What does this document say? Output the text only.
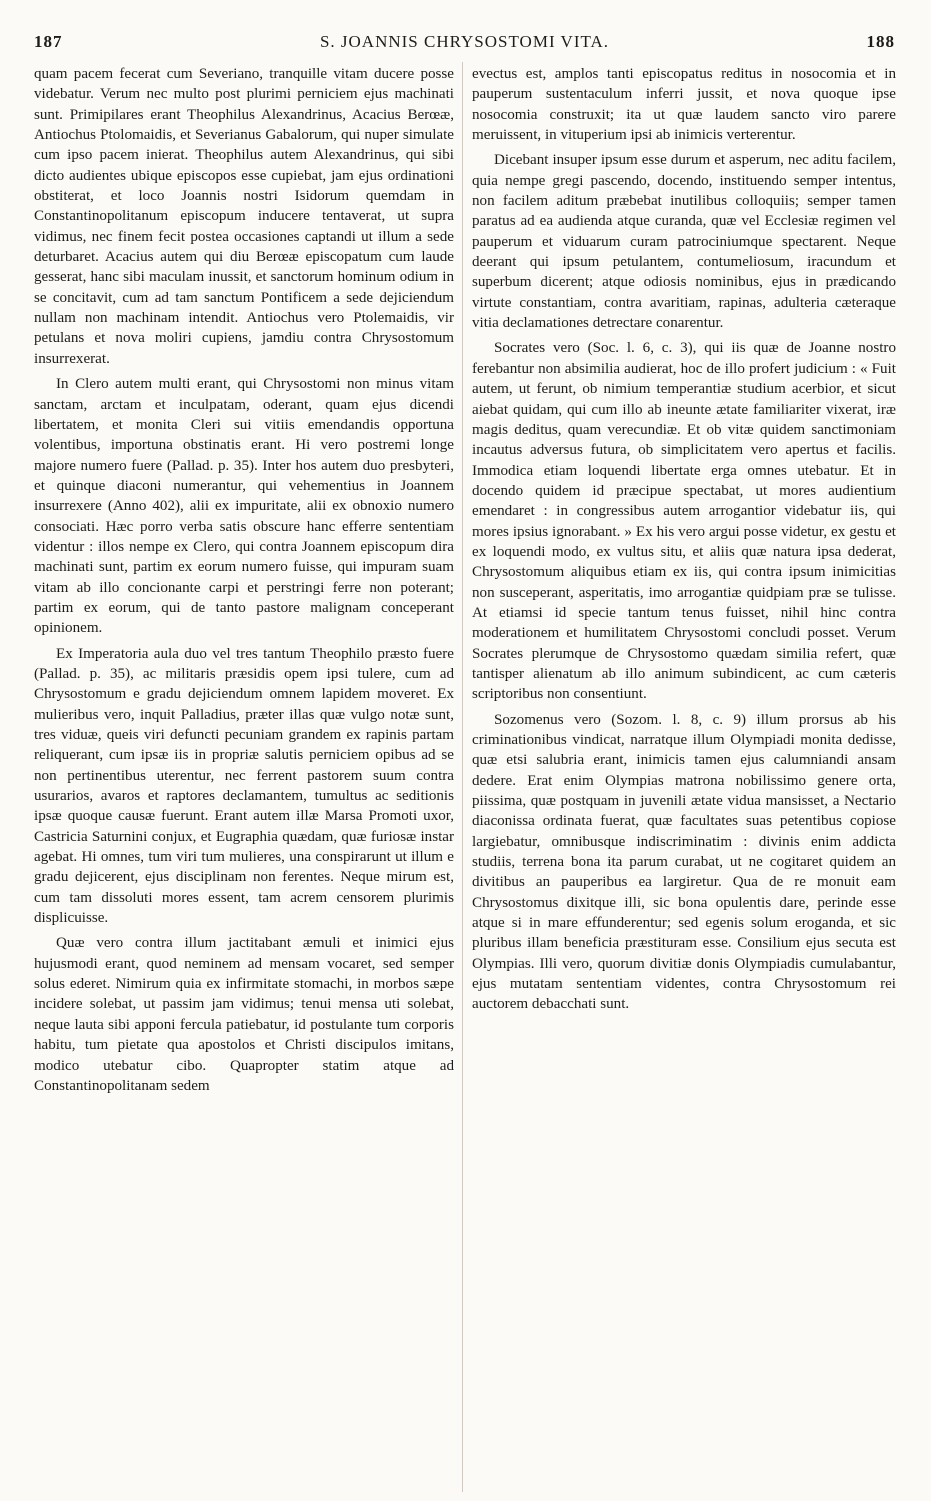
187	S. JOANNIS CHRYSOSTOMI VITA.	188

quam pacem fecerat cum Severiano, tranquille vitam ducere posse videbatur. Verum nec multo post plurimi perniciem ejus machinati sunt. Primipilares erant Theophilus Alexandrinus, Acacius Berœæ, Antiochus Ptolomaidis, et Severianus Gabalorum, qui nuper simulate cum ipso pacem inierat. Theophilus autem Alexandrinus, qui sibi dicto audientes ubique episcopos esse cupiebat, jam ejus ordinationi obstiterat, et loco Joannis nostri Isidorum quemdam in Constantinopolitanum episcopum inducere tentaverat, ut supra vidimus, nec finem fecit postea occasiones captandi ut illum a sede deturbaret. Acacius autem qui diu Berœæ episcopatum cum laude gesserat, hanc sibi maculam inussit, et sanctorum hominum odium in se concitavit, cum ad tam sanctum Pontificem a sede dejiciendum nullam non machinam intendit. Antiochus vero Ptolemaidis, vir petulans et nova moliri cupiens, jamdiu contra Chrysostomum insurrexerat.

In Clero autem multi erant, qui Chrysostomi non minus vitam sanctam, arctam et inculpatam, oderant, quam ejus dicendi libertatem, et monita Cleri sui vitiis emendandis opportuna volentibus, importuna obstinatis erant. Hi vero postremi longe majore numero fuere (Pallad. p. 35). Inter hos autem duo presbyteri, et quinque diaconi numerantur, qui vehementius in Joannem insurrexere (Anno 402), alii ex impuritate, alii ex obnoxio numero consociati. Hæc porro verba satis obscure hanc efferre sententiam videntur : illos nempe ex Clero, qui contra Joannem episcopum dira machinati sunt, partim ex eorum numero fuisse, qui impuram suam vitam ab illo concionante carpi et perstringi ferre non poterant; partim ex eorum, qui de tanto pastore malignam conceperant opinionem.

Ex Imperatoria aula duo vel tres tantum Theophilo præsto fuere (Pallad. p. 35), ac militaris præsidis opem ipsi tulere, cum ad Chrysostomum e gradu dejiciendum omnem lapidem moveret. Ex mulieribus vero, inquit Palladius, præter illas quæ vulgo notæ sunt, tres viduæ, queis viri defuncti pecuniam grandem ex rapinis partam reliquerant, cum ipsæ iis in propriæ salutis perniciem opibus ad se non pertinentibus uterentur, nec ferrent pastorem suum contra usurarios, avaros et raptores declamantem, tumultus ac seditionis ipsæ quoque causæ fuerunt. Erant autem illæ Marsa Promoti uxor, Castricia Saturnini conjux, et Eugraphia quædam, quæ furiosæ instar agebat. Hi omnes, tum viri tum mulieres, una conspirarunt ut illum e gradu dejicerent, ejus disciplinam non ferentes. Neque mirum est, cum tam dissoluti mores essent, tam acrem censorem plurimis displicuisse.

Quæ vero contra illum jactitabant æmuli et inimici ejus hujusmodi erant, quod neminem ad mensam vocaret, sed semper solus ederet. Nimirum quia ex infirmitate stomachi, in morbos sæpe incidere solebat, ut passim jam vidimus; tenui mensa uti solebat, neque lauta sibi apponi fercula patiebatur, id postulante tum corporis habitu, tum pietate qua apostolos et Christi discipulos imitans, modico utebatur cibo. Quapropter statim atque ad Constantinopolitanam sedem

evectus est, amplos tanti episcopatus reditus in nosocomia et in pauperum sustentaculum inferri jussit, et nova quoque ipse nosocomia construxit; ita ut quæ laudem sancto viro parere meruissent, in vituperium ipsi ab inimicis verterentur.

Dicebant insuper ipsum esse durum et asperum, nec aditu facilem, quia nempe gregi pascendo, docendo, instituendo semper intentus, non facilem aditum præbebat inutilibus colloquiis; semper tamen paratus ad ea audienda atque curanda, quæ vel Ecclesiæ regimen vel pauperum et viduarum curam patrociniumque spectarent. Neque deerant qui ipsum petulantem, contumeliosum, iracundum et superbum dicerent; atque odiosis nominibus, ejus in prædicando virtute constantiam, contra avaritiam, rapinas, adulteria cæteraque vitia declamationes detrectare conarentur.

Socrates vero (Soc. l. 6, c. 3), qui iis quæ de Joanne nostro ferebantur non absimilia audierat, hoc de illo profert judicium : « Fuit autem, ut ferunt, ob nimium temperantiæ studium acerbior, et sicut aiebat quidam, qui cum illo ab ineunte ætate familiariter vixerat, iræ magis deditus, quam verecundiæ. Et ob vitæ quidem sanctimoniam incautus adversus futura, ob simplicitatem vero apertus et facilis. Immodica etiam loquendi libertate erga omnes utebatur. Et in docendo quidem id præcipue spectabat, ut mores audientium emendaret : in congressibus autem arrogantior videbatur iis, qui mores ipsius ignorabant. » Ex his vero argui posse videtur, ex gestu et ex loquendi modo, ex vultus situ, et aliis quæ natura ipsa dederat, Chrysostomum aliquibus etiam ex iis, qui contra ipsum inimicitias non susceperant, asperitatis, imo arrogantiæ quidpiam præ se tulisse. At etiamsi id specie tantum tenus fuisset, nihil hinc contra moderationem et humilitatem Chrysostomi concludi posset. Verum Socrates plerumque de Chrysostomo quædam similia refert, quæ tantisper alienatum ab illo animum subindicent, ac cum cæteris scriptoribus non consentiunt.

Sozomenus vero (Sozom. l. 8, c. 9) illum prorsus ab his criminationibus vindicat, narratque illum Olympiadi monita dedisse, quæ etsi salubria erant, inimicis tamen ejus calumniandi ansam dedere. Erat enim Olympias matrona nobilissimo genere orta, piissima, quæ postquam in juvenili ætate vidua mansisset, a Nectario diaconissa ordinata fuerat, quæ facultates suas petentibus copiose largiebatur, omnibusque indiscriminatim : divinis enim addicta studiis, terrena bona ita parum curabat, ut ne cogitaret quidem an divitibus an pauperibus ea largiretur. Qua de re monuit eam Chrysostomus dixitque illi, sic bona opulentis dare, perinde esse atque si in mare effunderentur; sed egenis solum eroganda, et sic pluribus illam beneficia præstituram esse. Consilium ejus secuta est Olympias. Illi vero, quorum divitiæ donis Olympiadis cumulabantur, ejus mutatam sententiam videntes, contra Chrysostomum rei auctorem debacchati sunt.
